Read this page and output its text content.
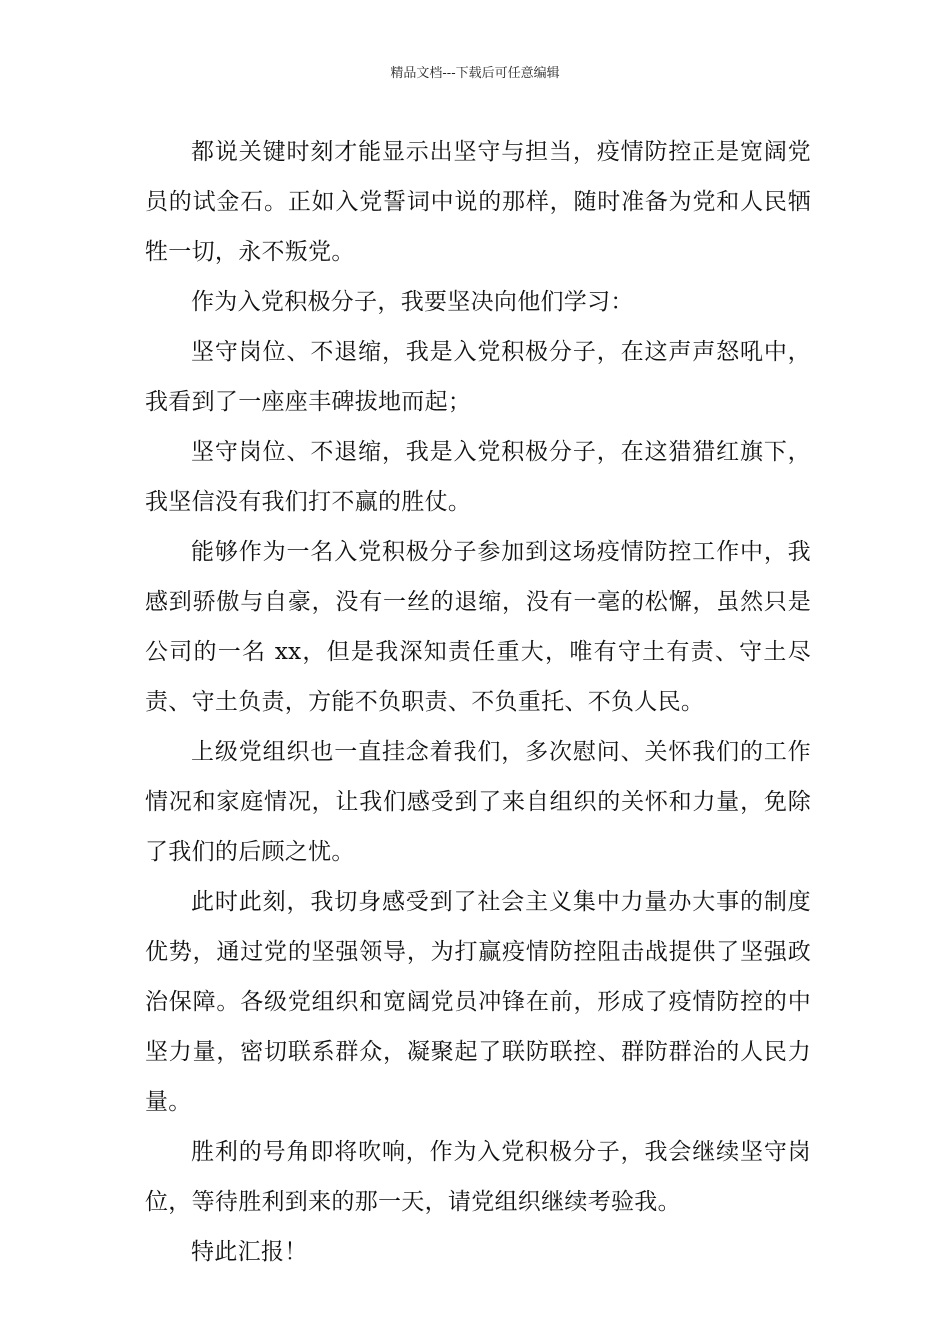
精品文档---下载后可任意编辑

都说关键时刻才能显示出坚守与担当，疫情防控正是宽阔党员的试金石。正如入党誓词中说的那样，随时准备为党和人民牺牲一切，永不叛党。

作为入党积极分子，我要坚决向他们学习：

坚守岗位、不退缩，我是入党积极分子，在这声声怒吼中，我看到了一座座丰碑拔地而起；

坚守岗位、不退缩，我是入党积极分子，在这猎猎红旗下，我坚信没有我们打不赢的胜仗。

能够作为一名入党积极分子参加到这场疫情防控工作中，我感到骄傲与自豪，没有一丝的退缩，没有一毫的松懈，虽然只是公司的一名 xx，但是我深知责任重大，唯有守土有责、守土尽责、守土负责，方能不负职责、不负重托、不负人民。

上级党组织也一直挂念着我们，多次慰问、关怀我们的工作情况和家庭情况，让我们感受到了来自组织的关怀和力量，免除了我们的后顾之忧。

此时此刻，我切身感受到了社会主义集中力量办大事的制度优势，通过党的坚强领导，为打赢疫情防控阻击战提供了坚强政治保障。各级党组织和宽阔党员冲锋在前，形成了疫情防控的中坚力量，密切联系群众，凝聚起了联防联控、群防群治的人民力量。

胜利的号角即将吹响，作为入党积极分子，我会继续坚守岗位，等待胜利到来的那一天，请党组织继续考验我。

特此汇报！
